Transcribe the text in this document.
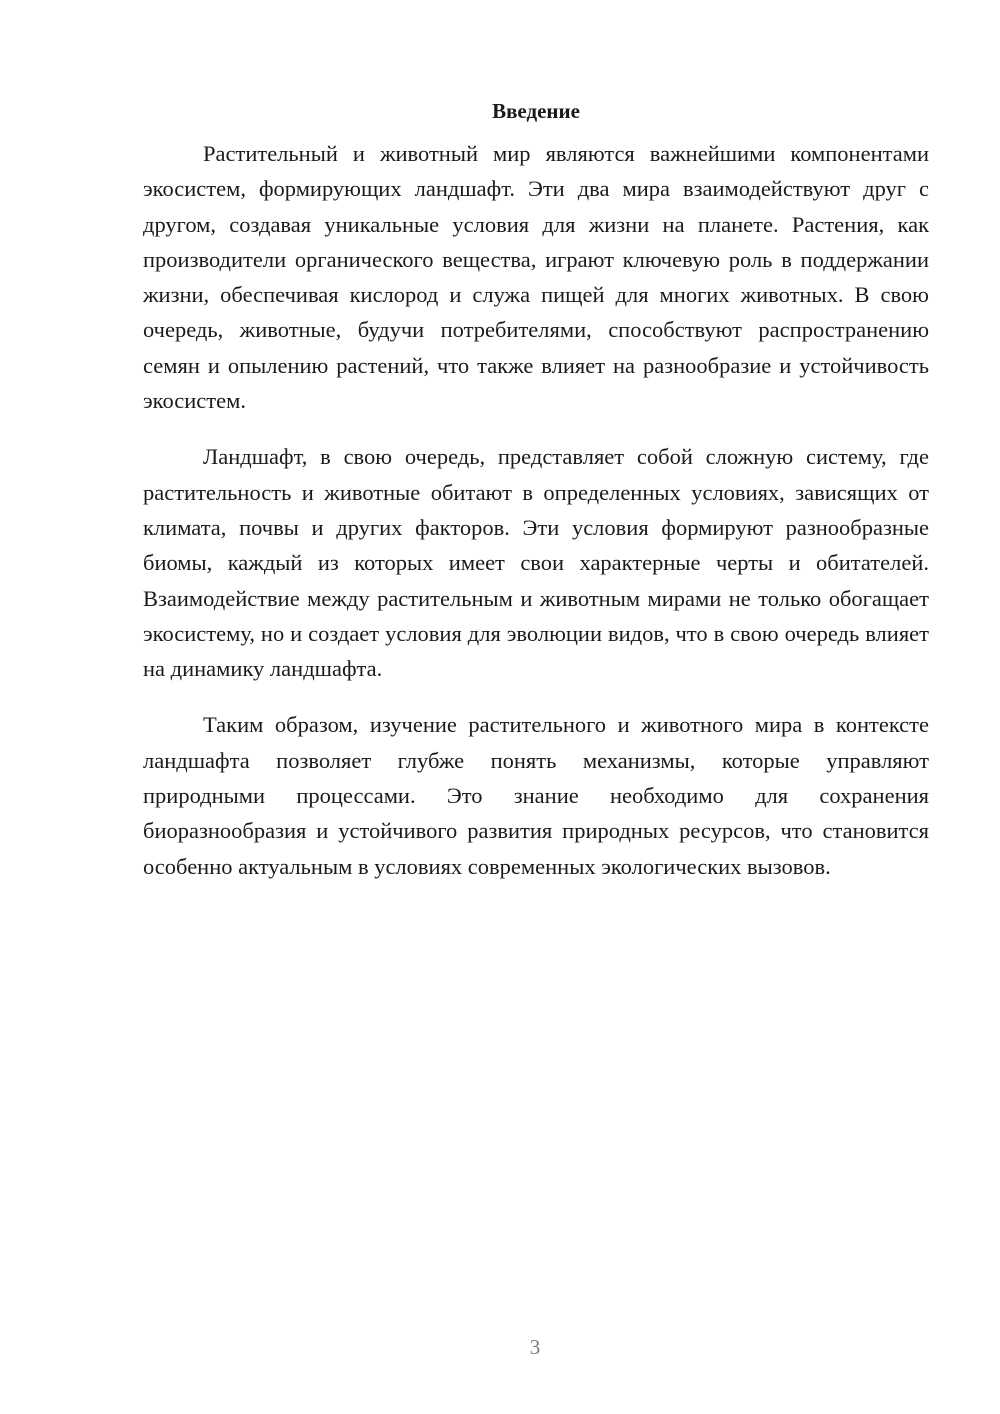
Введение

Растительный и животный мир являются важнейшими компонентами экосистем, формирующих ландшафт. Эти два мира взаимодействуют друг с другом, создавая уникальные условия для жизни на планете. Растения, как производители органического вещества, играют ключевую роль в поддержании жизни, обеспечивая кислород и служа пищей для многих животных. В свою очередь, животные, будучи потребителями, способствуют распространению семян и опылению растений, что также влияет на разнообразие и устойчивость экосистем.

Ландшафт, в свою очередь, представляет собой сложную систему, где растительность и животные обитают в определенных условиях, зависящих от климата, почвы и других факторов. Эти условия формируют разнообразные биомы, каждый из которых имеет свои характерные черты и обитателей. Взаимодействие между растительным и животным мирами не только обогащает экосистему, но и создает условия для эволюции видов, что в свою очередь влияет на динамику ландшафта.

Таким образом, изучение растительного и животного мира в контексте ландшафта позволяет глубже понять механизмы, которые управляют природными процессами. Это знание необходимо для сохранения биоразнообразия и устойчивого развития природных ресурсов, что становится особенно актуальным в условиях современных экологических вызовов.

3
